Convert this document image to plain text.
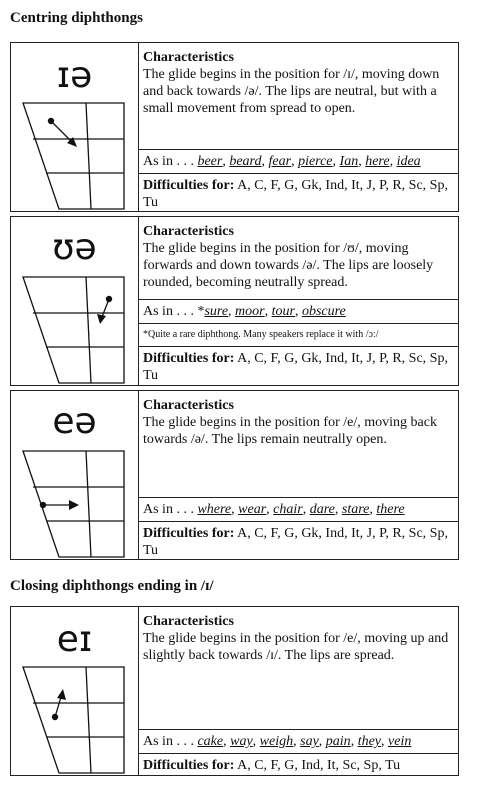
Centring diphthongs
ɪə	Characteristics
The glide begins in the position for /ɪ/, moving down and back towards /ə/. The lips are neutral, but with a small movement from spread to open.
As in . . . beer, beard, fear, pierce, Ian, here, idea
Difficulties for: A, C, F, G, Gk, Ind, It, J, P, R, Sc, Sp, Tu
ʊə	Characteristics
The glide begins in the position for /ʊ/, moving forwards and down towards /ə/. The lips are loosely rounded, becoming neutrally spread.
As in . . . *sure, moor, tour, obscure
*Quite a rare diphthong. Many speakers replace it with /ɔː/
Difficulties for: A, C, F, G, Gk, Ind, It, J, P, R, Sc, Sp, Tu
eə	Characteristics
The glide begins in the position for /e/, moving back towards /ə/. The lips remain neutrally open.
As in . . . where, wear, chair, dare, stare, there
Difficulties for: A, C, F, G, Gk, Ind, It, J, P, R, Sc, Sp, Tu
Closing diphthongs ending in /ɪ/
eɪ	Characteristics
The glide begins in the position for /e/, moving up and slightly back towards /ɪ/. The lips are spread.
As in . . . cake, way, weigh, say, pain, they, vein
Difficulties for: A, C, F, G, Ind, It, Sc, Sp, Tu
